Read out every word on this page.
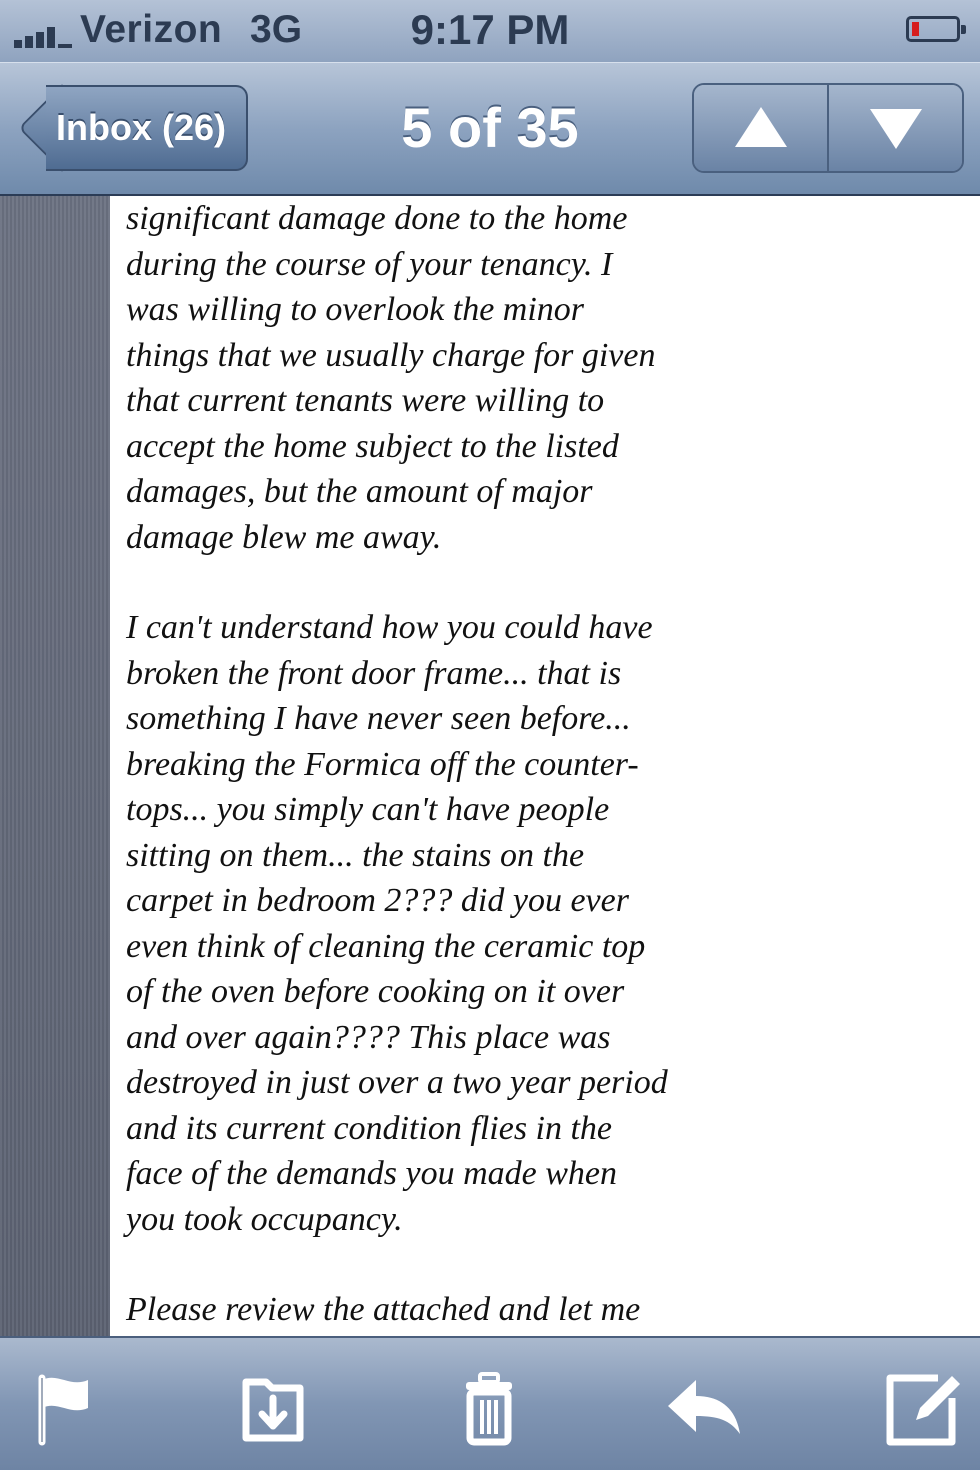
Verizon 3G	9:17 PM
Inbox (26)	5 of 35

significant damage done to the home
during the course of your tenancy. I
was willing to overlook the minor
things that we usually charge for given
that current tenants were willing to
accept the home subject to the listed
damages, but the amount of major
damage blew me away.

I can't understand how you could have
broken the front door frame... that is
something I have never seen before...
breaking the Formica off the counter-
tops... you simply can't have people
sitting on them... the stains on the
carpet in bedroom 2??? did you ever
even think of cleaning the ceramic top
of the oven before cooking on it over
and over again???? This place was
destroyed in just over a two year period
and its current condition flies in the
face of the demands you made when
you took occupancy.

Please review the attached and let me
